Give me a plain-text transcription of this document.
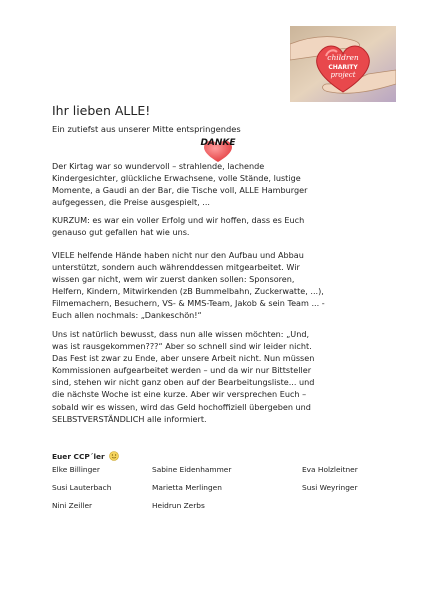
children
CHARITY
project
Ihr lieben ALLE!

Ein zutiefst aus unserer Mitte entspringendes

DANKE

Der Kirtag war so wundervoll – strahlende, lachende
Kindergesichter, glückliche Erwachsene, volle Stände, lustige
Momente, a Gaudi an der Bar, die Tische voll, ALLE Hamburger
aufgegessen, die Preise ausgespielt, ...

KURZUM: es war ein voller Erfolg und wir hoffen, dass es Euch
genauso gut gefallen hat wie uns.

VIELE helfende Hände haben nicht nur den Aufbau und Abbau
unterstützt, sondern auch währenddessen mitgearbeitet. Wir
wissen gar nicht, wem wir zuerst danken sollen: Sponsoren,
Helfern, Kindern, Mitwirkenden (zB Bummelbahn, Zuckerwatte, ...),
Filmemachern, Besuchern, VS- & MMS-Team, Jakob & sein Team ... -
Euch allen nochmals: „Dankeschön!“

Uns ist natürlich bewusst, dass nun alle wissen möchten: „Und,
was ist rausgekommen???“ Aber so schnell sind wir leider nicht.
Das Fest ist zwar zu Ende, aber unsere Arbeit nicht. Nun müssen
Kommissionen aufgearbeitet werden – und da wir nur Bittsteller
sind, stehen wir nicht ganz oben auf der Bearbeitungsliste... und
die nächste Woche ist eine kurze. Aber wir versprechen Euch –
sobald wir es wissen, wird das Geld hochoffiziell übergeben und
SELBSTVERSTÄNDLICH alle informiert.

Euer CCP´ler

Elke Billinger	Sabine Eidenhammer	Eva Holzleitner
Susi Lauterbach	Marietta Merlingen	Susi Weyringer
Nini Zeiller	Heidrun Zerbs
